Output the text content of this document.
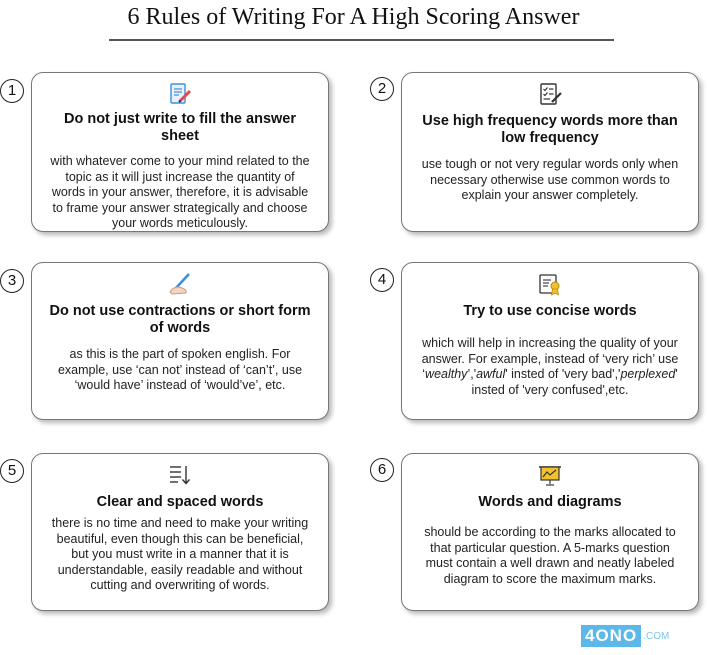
6 Rules of Writing For A High Scoring Answer
1
Do not just write to fill the answer sheet
with whatever come to your mind related to the topic as it will just increase the quantity of words in your answer, therefore, it is advisable to frame your answer strategically and choose your words meticulously.
2
Use high frequency words more than low frequency
use tough or not very regular words only when necessary otherwise use common words to explain your answer completely.
3
Do not use contractions or short form of words
as this is the part of spoken english. For example, use ‘can not’ instead of ‘can’t’, use ‘would have’ instead of ‘would’ve’, etc.
4
Try to use concise words
which will help in increasing the quality of your answer. For example, instead of ‘very rich’ use ‘wealthy’,'awful' insted of 'very bad','perplexed' insted of 'very confused',etc.
5
Clear and spaced words
there is no time and need to make your writing beautiful, even though this can be beneficial, but you must write in a manner that it is understandable, easily readable and without cutting and overwriting of words.
6
Words and diagrams
should be according to the marks allocated to that particular question. A 5-marks question must contain a well drawn and neatly labeled diagram to score the maximum marks.
4ONO .COM
